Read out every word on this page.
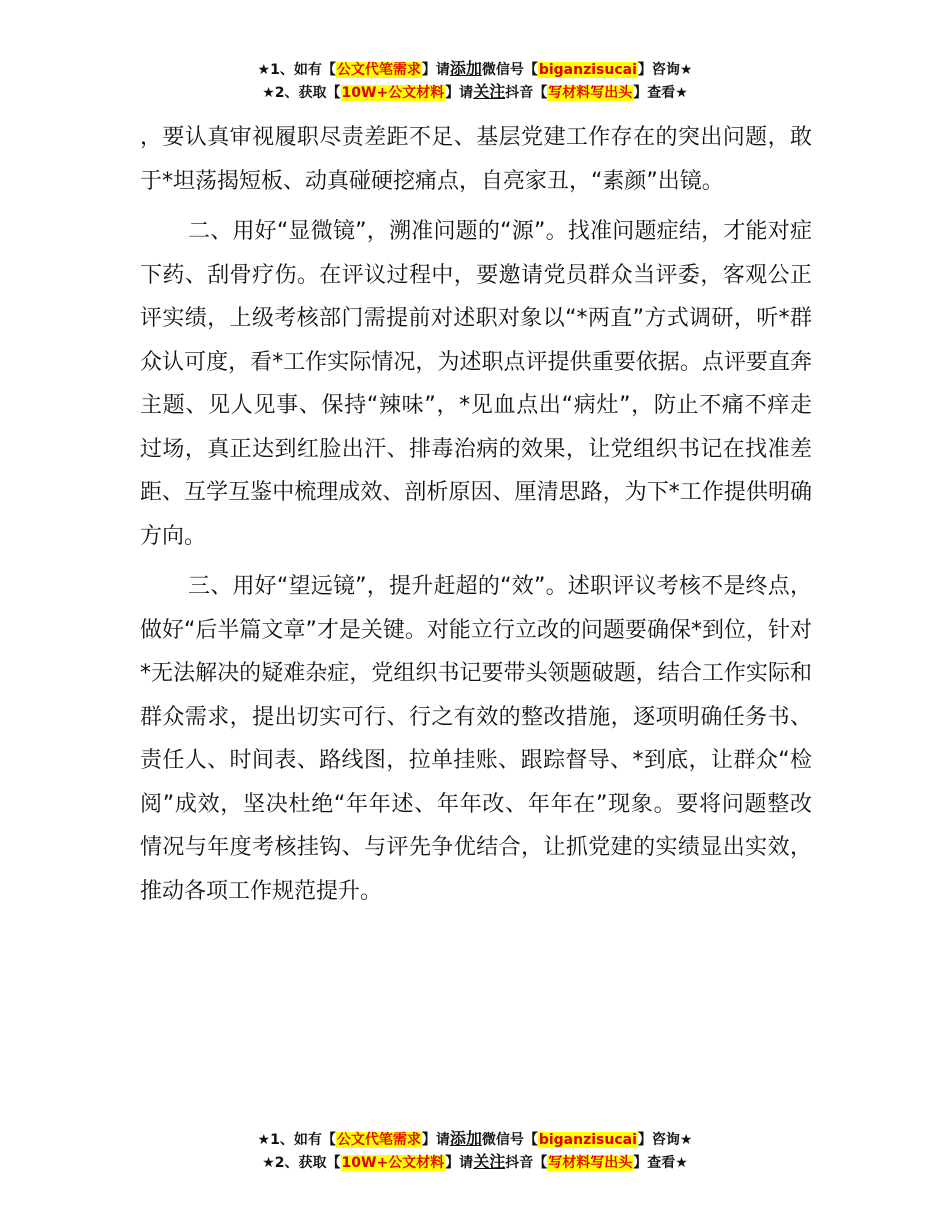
★1、如有【公文代笔需求】请添加微信号【biganzisucai】咨询★
★2、获取【10W+公文材料】请关注抖音【写材料写出头】查看★

，要认真审视履职尽责差距不足、基层党建工作存在的突出问题，敢于*坦荡揭短板、动真碰硬挖痛点，自亮家丑，“素颜”出镜。

二、用好“显微镜”，溯准问题的“源”。找准问题症结，才能对症下药、刮骨疗伤。在评议过程中，要邀请党员群众当评委，客观公正评实绩，上级考核部门需提前对述职对象以“*两直”方式调研，听*群众认可度，看*工作实际情况，为述职点评提供重要依据。点评要直奔主题、见人见事、保持“辣味”，*见血点出“病灶”，防止不痛不痒走过场，真正达到红脸出汗、排毒治病的效果，让党组织书记在找准差距、互学互鉴中梳理成效、剖析原因、厘清思路，为下*工作提供明确方向。

三、用好“望远镜”，提升赶超的“效”。述职评议考核不是终点，做好“后半篇文章”才是关键。对能立行立改的问题要确保*到位，针对*无法解决的疑难杂症，党组织书记要带头领题破题，结合工作实际和群众需求，提出切实可行、行之有效的整改措施，逐项明确任务书、责任人、时间表、路线图，拉单挂账、跟踪督导、*到底，让群众“检阅”成效，坚决杜绝“年年述、年年改、年年在”现象。要将问题整改情况与年度考核挂钩、与评先争优结合，让抓党建的实绩显出实效，推动各项工作规范提升。

★1、如有【公文代笔需求】请添加微信号【biganzisucai】咨询★
★2、获取【10W+公文材料】请关注抖音【写材料写出头】查看★
